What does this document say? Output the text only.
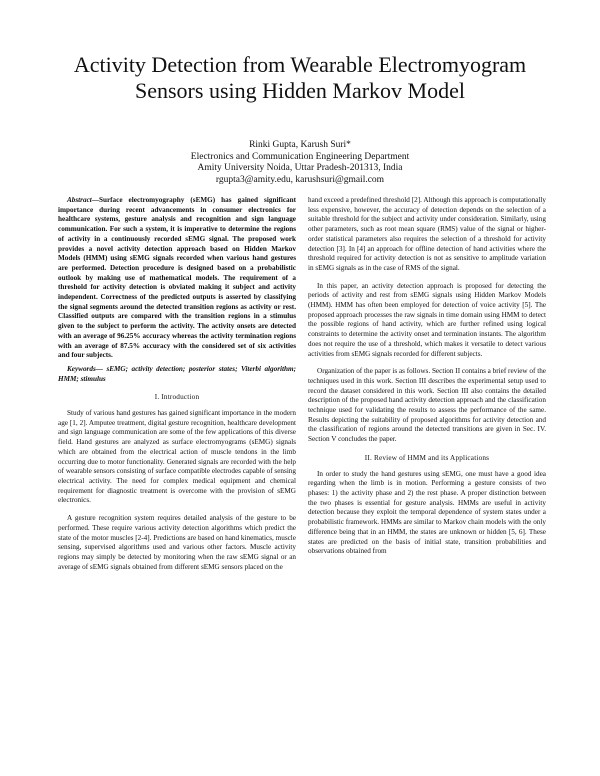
Activity Detection from Wearable Electromyogram
Sensors using Hidden Markov Model
Rinki Gupta, Karush Suri*
Electronics and Communication Engineering Department
Amity University Noida, Uttar Pradesh-201313, India
rgupta3@amity.edu, karushsuri@gmail.com

Abstract—Surface electromyography (sEMG) has gained significant importance during recent advancements in consumer electronics for healthcare systems, gesture analysis and recognition and sign language communication. For such a system, it is imperative to determine the regions of activity in a continuously recorded sEMG signal. The proposed work provides a novel activity detection approach based on Hidden Markov Models (HMM) using sEMG signals recorded when various hand gestures are performed. Detection procedure is designed based on a probabilistic outlook by making use of mathematical models. The requirement of a threshold for activity detection is obviated making it subject and activity independent. Correctness of the predicted outputs is asserted by classifying the signal segments around the detected transition regions as activity or rest. Classified outputs are compared with the transition regions in a stimulus given to the subject to perform the activity. The activity onsets are detected with an average of 96.25% accuracy whereas the activity termination regions with an average of 87.5% accuracy with the considered set of six activities and four subjects.

Keywords— sEMG; activity detection; posterior states; Viterbi algorithm; HMM; stimulus

I. Introduction

Study of various hand gestures has gained significant importance in the modern age [1, 2]. Amputee treatment, digital gesture recognition, healthcare development and sign language communication are some of the few applications of this diverse field. Hand gestures are analyzed as surface electromyograms (sEMG) signals which are obtained from the electrical action of muscle tendons in the limb occurring due to motor functionality. Generated signals are recorded with the help of wearable sensors consisting of surface compatible electrodes capable of sensing electrical activity. The need for complex medical equipment and chemical requirement for diagnostic treatment is overcome with the provision of sEMG electronics.

A gesture recognition system requires detailed analysis of the gesture to be performed. These require various activity detection algorithms which predict the state of the motor muscles [2-4]. Predictions are based on hand kinematics, muscle sensing, supervised algorithms used and various other factors. Muscle activity regions may simply be detected by monitoring when the raw sEMG signal or an average of sEMG signals obtained from different sEMG sensors placed on the

hand exceed a predefined threshold [2]. Although this approach is computationally less expensive, however, the accuracy of detection depends on the selection of a suitable threshold for the subject and activity under consideration. Similarly, using other parameters, such as root mean square (RMS) value of the signal or higher-order statistical parameters also requires the selection of a threshold for activity detection [3]. In [4] an approach for offline detection of hand activities where the threshold required for activity detection is not as sensitive to amplitude variation in sEMG signals as in the case of RMS of the signal.

In this paper, an activity detection approach is proposed for detecting the periods of activity and rest from sEMG signals using Hidden Markov Models (HMM). HMM has often been employed for detection of voice activity [5]. The proposed approach processes the raw signals in time domain using HMM to detect the possible regions of hand activity, which are further refined using logical constraints to determine the activity onset and termination instants. The algorithm does not require the use of a threshold, which makes it versatile to detect various activities from sEMG signals recorded for different subjects.

Organization of the paper is as follows. Section II contains a brief review of the techniques used in this work. Section III describes the experimental setup used to record the dataset considered in this work. Section III also contains the detailed description of the proposed hand activity detection approach and the classification technique used for validating the results to assess the performance of the same. Results depicting the suitability of proposed algorithms for activity detection and the classification of regions around the detected transitions are given in Sec. IV. Section V concludes the paper.

II. Review of HMM and its Applications

In order to study the hand gestures using sEMG, one must have a good idea regarding when the limb is in motion. Performing a gesture consists of two phases: 1) the activity phase and 2) the rest phase. A proper distinction between the two phases is essential for gesture analysis. HMMs are useful in activity detection because they exploit the temporal dependence of system states under a probabilistic framework. HMMs are similar to Markov chain models with the only difference being that in an HMM, the states are unknown or hidden [5, 6]. These states are predicted on the basis of initial state, transition probabilities and observations obtained from
